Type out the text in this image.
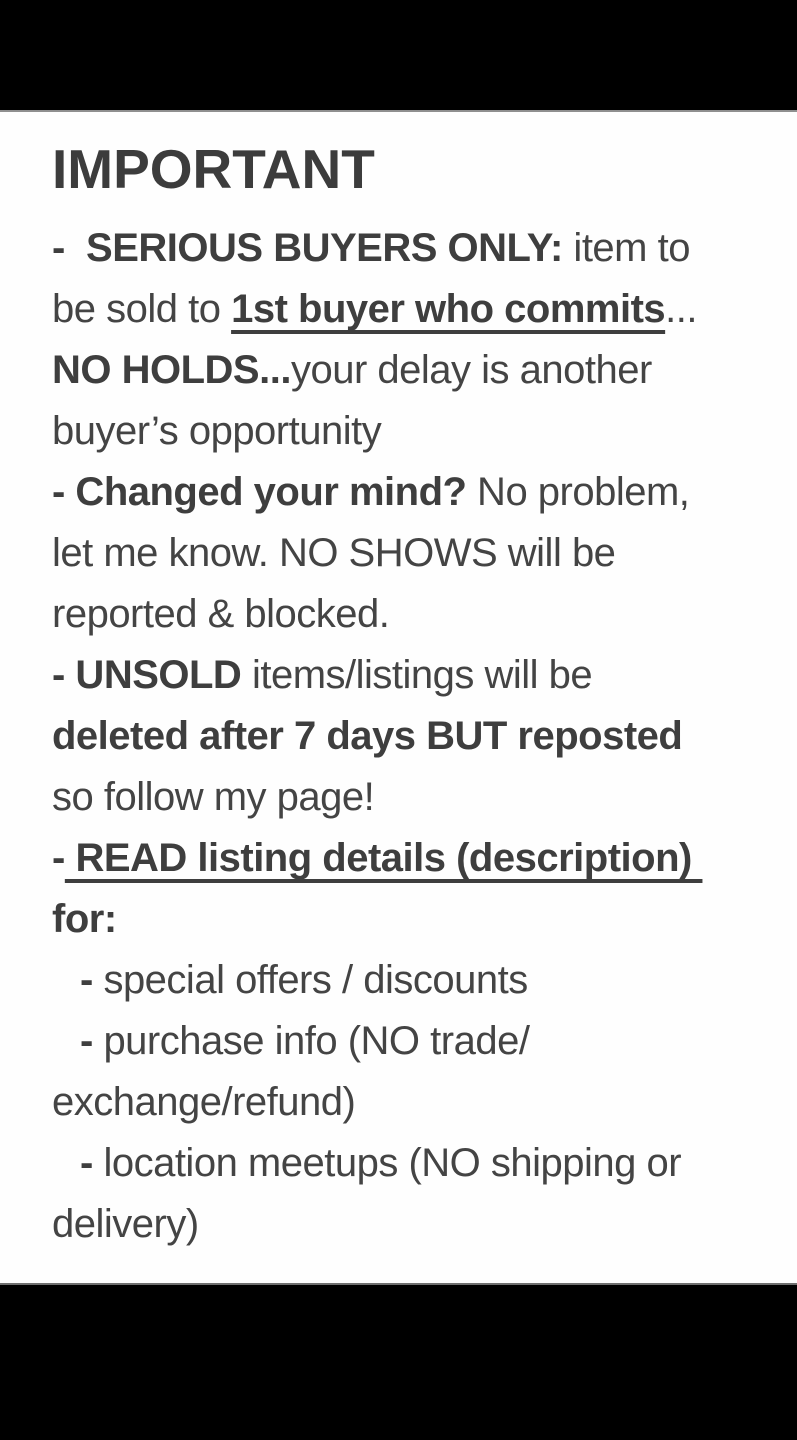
IMPORTANT
-  SERIOUS BUYERS ONLY: item to
be sold to 1st buyer who commits...
NO HOLDS...your delay is another
buyer’s opportunity
- Changed your mind? No problem,
let me know. NO SHOWS will be
reported & blocked.
- UNSOLD items/listings will be
deleted after 7 days BUT reposted
so follow my page!
- READ listing details (description)
for:
- special offers / discounts
- purchase info (NO trade/
exchange/refund)
- location meetups (NO shipping or
delivery)
